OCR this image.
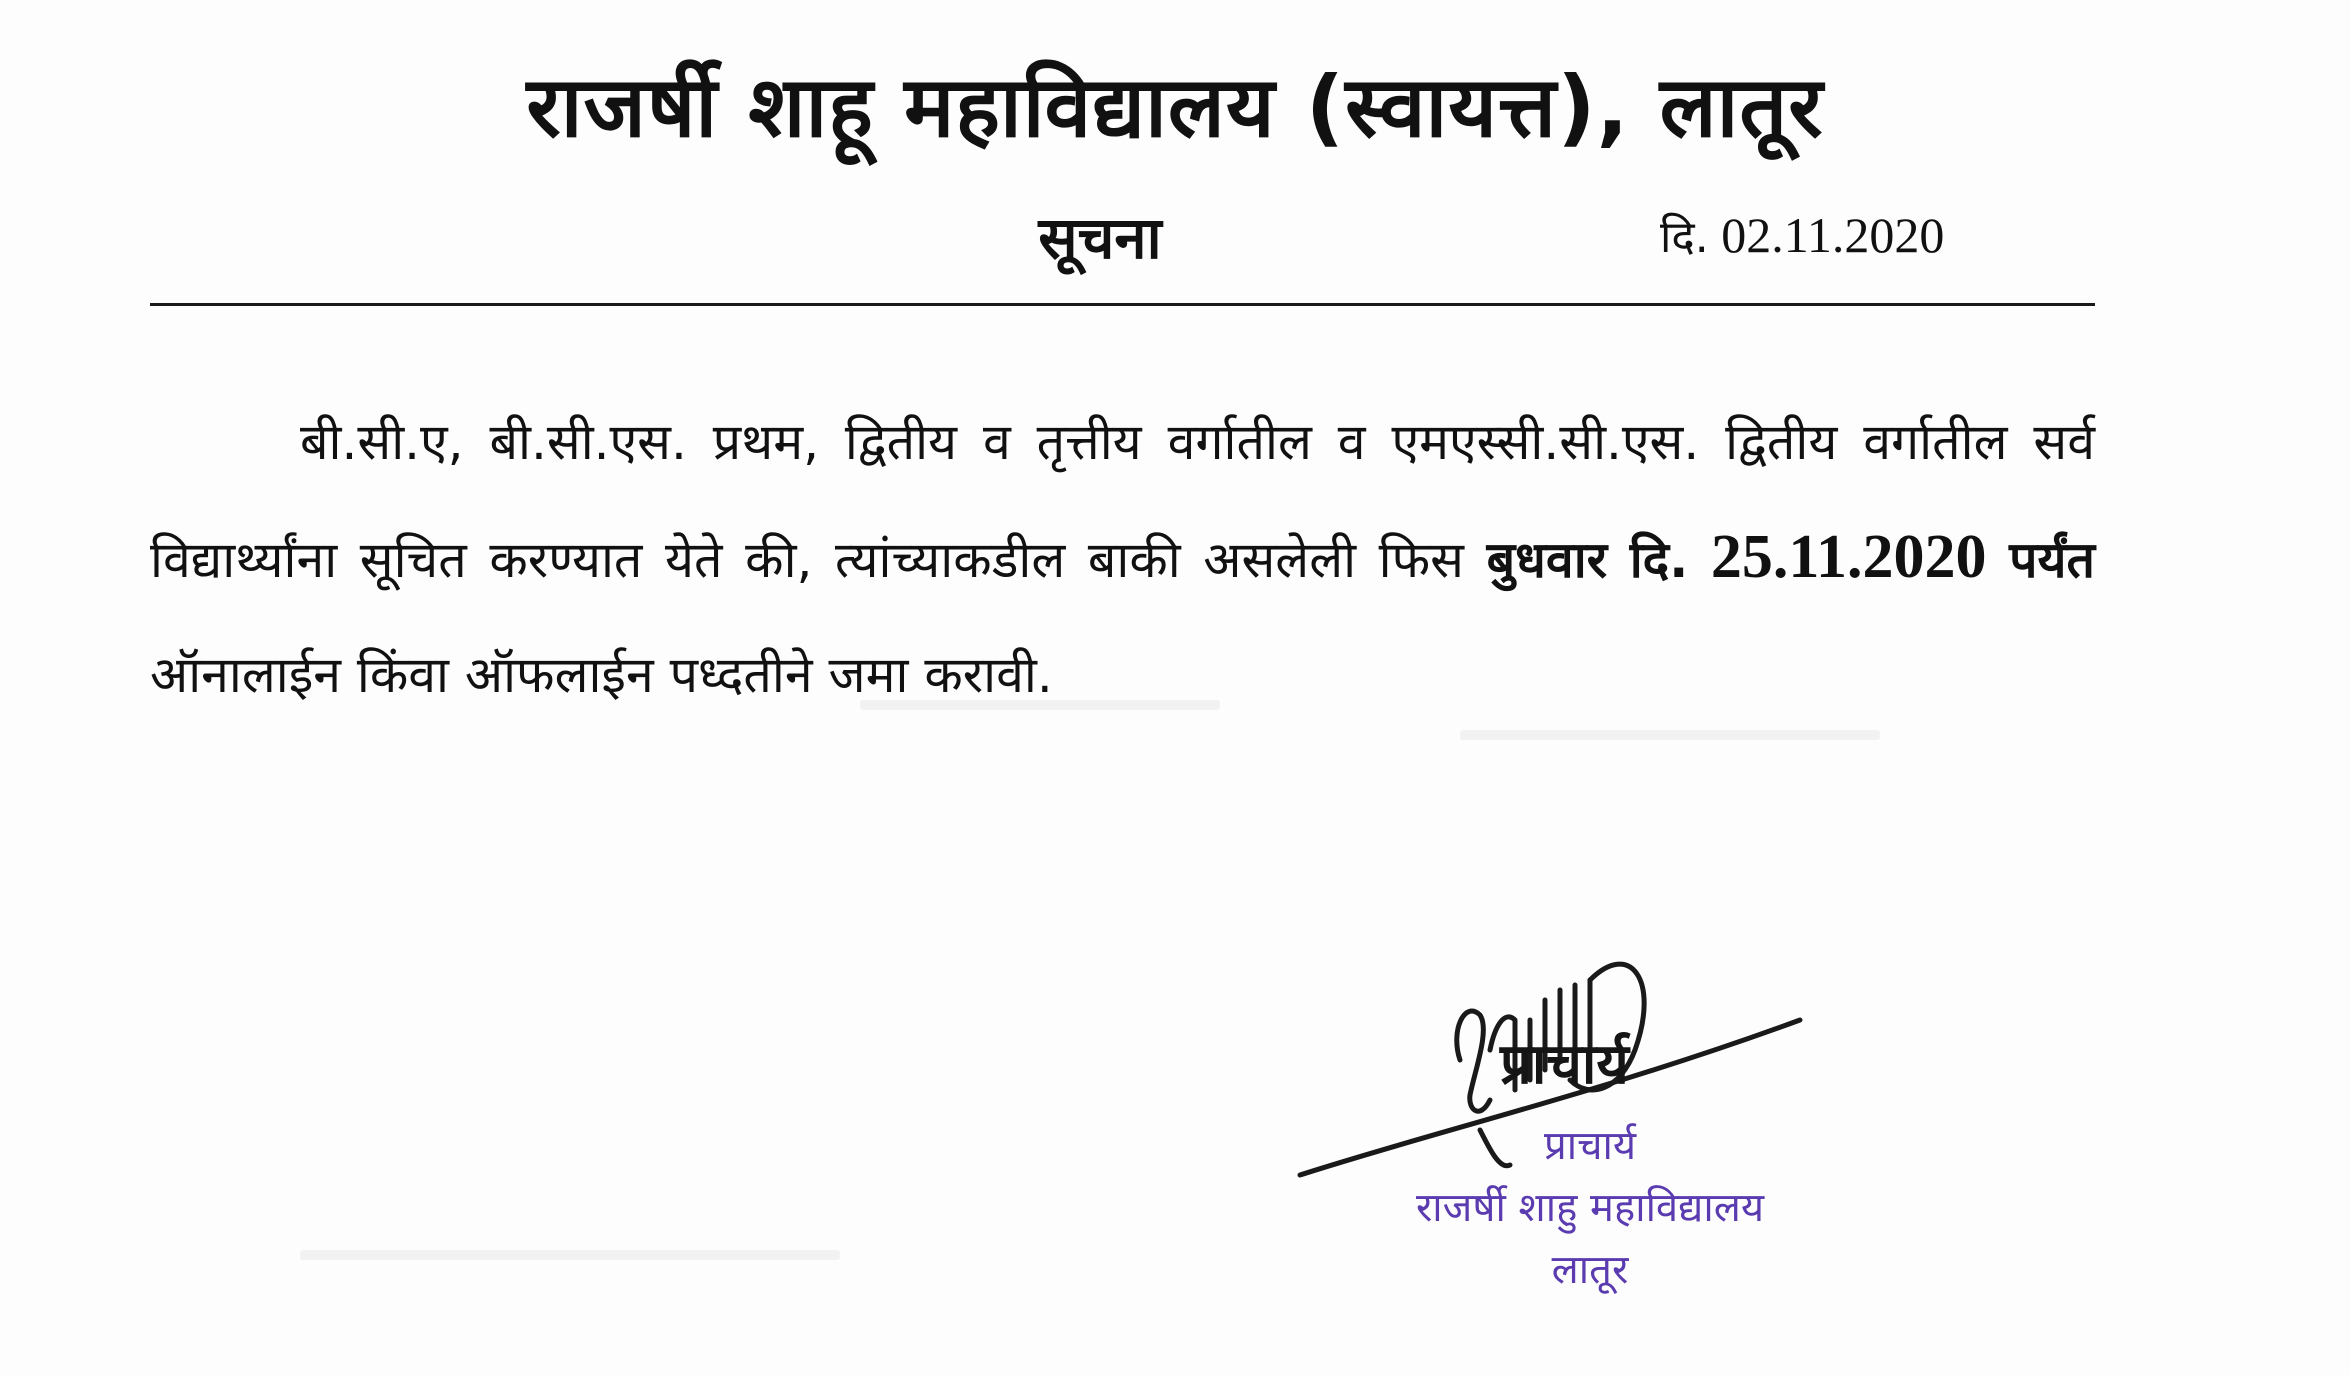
राजर्षी शाहू महाविद्यालय (स्वायत्त), लातूर
सूचना	दि. 02.11.2020
बी.सी.ए, बी.सी.एस. प्रथम, द्वितीय व तृत्तीय वर्गातील व एमएस्सी.सी.एस. द्वितीय वर्गातील सर्व विद्यार्थ्यांना सूचित करण्यात येते की, त्यांच्याकडील बाकी असलेली फिस बुधवार दि. 25.11.2020 पर्यंत ऑनालाईन किंवा ऑफलाईन पध्दतीने जमा करावी.
प्राचार्य
प्राचार्य
राजर्षी शाहु महाविद्यालय
लातूर
